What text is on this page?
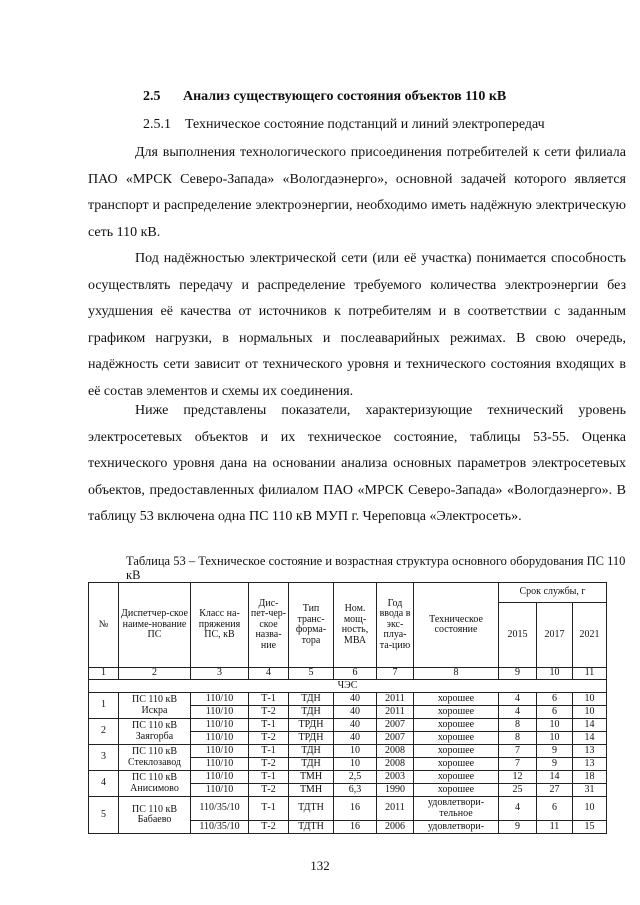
2.5 Анализ существующего состояния объектов 110 кВ
2.5.1 Техническое состояние подстанций и линий электропередач
Для выполнения технологического присоединения потребителей к сети филиала ПАО «МРСК Северо-Запада» «Вологдаэнерго», основной задачей которого является транспорт и распределение электроэнергии, необходимо иметь надёжную электрическую сеть 110 кВ.
Под надёжностью электрической сети (или её участка) понимается способность осуществлять передачу и распределение требуемого количества электроэнергии без ухудшения её качества от источников к потребителям и в соответствии с заданным графиком нагрузки, в нормальных и послеаварийных режимах. В свою очередь, надёжность сети зависит от технического уровня и технического состояния входящих в её состав элементов и схемы их соединения.
Ниже представлены показатели, характеризующие технический уровень электросетевых объектов и их техническое состояние, таблицы 53-55. Оценка технического уровня дана на основании анализа основных параметров электросетевых объектов, предоставленных филиалом ПАО «МРСК Северо-Запада» «Вологдаэнерго». В таблицу 53 включена одна ПС 110 кВ МУП г. Череповца «Электросеть».
Таблица 53 – Техническое состояние и возрастная структура основного оборудования ПС 110 кВ
№	Диспетчер-ское наиме-нование ПС	Класс на-пряжения ПС, кВ	Дис-пет-чер-ское назва-ние	Тип транс-форма-тора	Ном. мощ-ность, МВА	Год ввода в экс-плуа-та-цию	Техническое состояние	Срок службы, г		
								2015	2017	2021
1	2	3	4	5	6	7	8	9	10	11
ЧЭС										
1	ПС 110 кВ Искра	110/10	Т-1	ТДН	40	2011	хорошее	4	6	10
		110/10	Т-2	ТДН	40	2011	хорошее	4	6	10
2	ПС 110 кВ Заягорба	110/10	Т-1	ТРДН	40	2007	хорошее	8	10	14
		110/10	Т-2	ТРДН	40	2007	хорошее	8	10	14
3	ПС 110 кВ Стеклозавод	110/10	Т-1	ТДН	10	2008	хорошее	7	9	13
		110/10	Т-2	ТДН	10	2008	хорошее	7	9	13
4	ПС 110 кВ Анисимово	110/10	Т-1	ТМН	2,5	2003	хорошее	12	14	18
		110/10	Т-2	ТМН	6,3	1990	хорошее	25	27	31
5	ПС 110 кВ Бабаево	110/35/10	Т-1	ТДТН	16	2011	удовлетвори-тельное	4	6	10
		110/35/10	Т-2	ТДТН	16	2006	удовлетвори-	9	11	15
132
